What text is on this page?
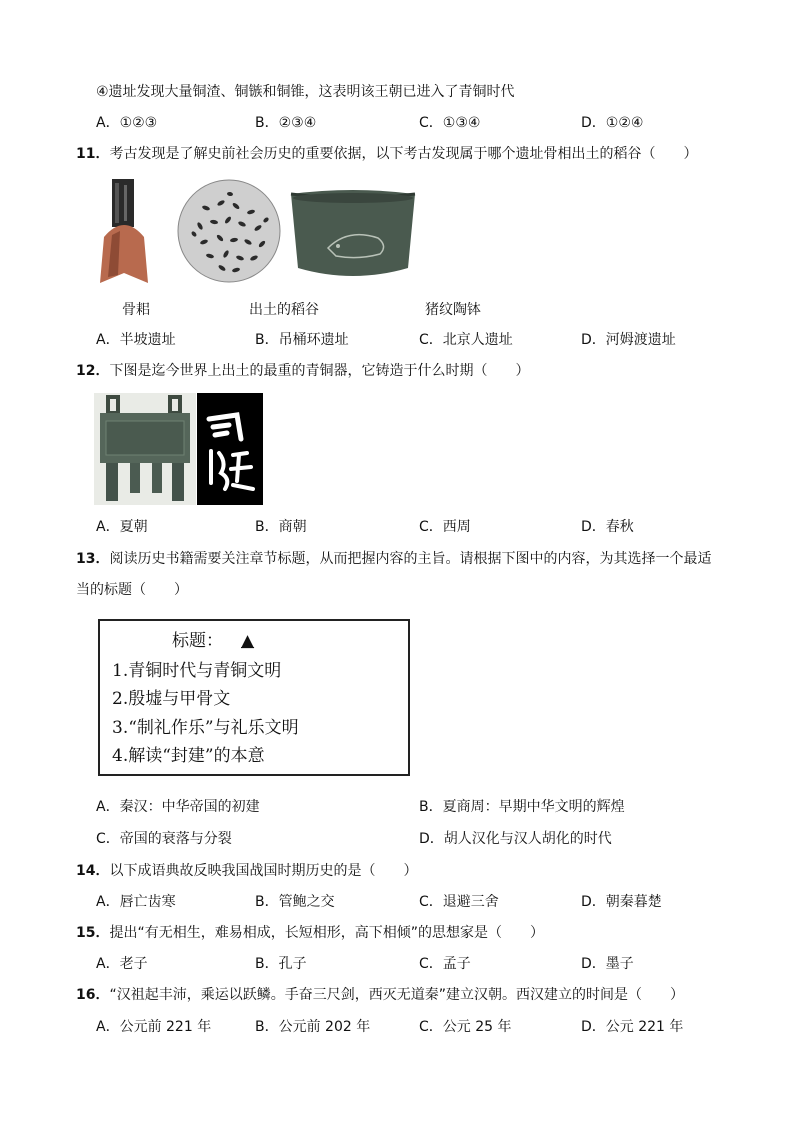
④遗址发现大量铜渣、铜镞和铜锥，这表明该王朝已进入了青铜时代
A．①②③	B．②③④	C．①③④	D．①②④
11．考古发现是了解史前社会历史的重要依据，以下考古发现属于哪个遗址骨相出土的稻谷（　　）
骨耜	出土的稻谷	猪纹陶钵
A．半坡遗址	B．吊桶环遗址	C．北京人遗址	D．河姆渡遗址
12．下图是迄今世界上出土的最重的青铜器，它铸造于什么时期（　　）
A．夏朝	B．商朝	C．西周	D．春秋
13．阅读历史书籍需要关注章节标题，从而把握内容的主旨。请根据下图中的内容，为其选择一个最适
当的标题（　　）
标题： ▲
1.青铜时代与青铜文明
2.殷墟与甲骨文
3.“制礼作乐”与礼乐文明
4.解读“封建”的本意
A．秦汉：中华帝国的初建	B．夏商周：早期中华文明的辉煌
C．帝国的衰落与分裂	D．胡人汉化与汉人胡化的时代
14．以下成语典故反映我国战国时期历史的是（　　）
A．唇亡齿寒	B．管鲍之交	C．退避三舍	D．朝秦暮楚
15．提出“有无相生，难易相成，长短相形，高下相倾”的思想家是（　　）
A．老子	B．孔子	C．孟子	D．墨子
16．“汉祖起丰沛，乘运以跃鳞。手奋三尺剑，西灭无道秦”建立汉朝。西汉建立的时间是（　　）
A．公元前 221 年	B．公元前 202 年	C．公元 25 年	D．公元 221 年
